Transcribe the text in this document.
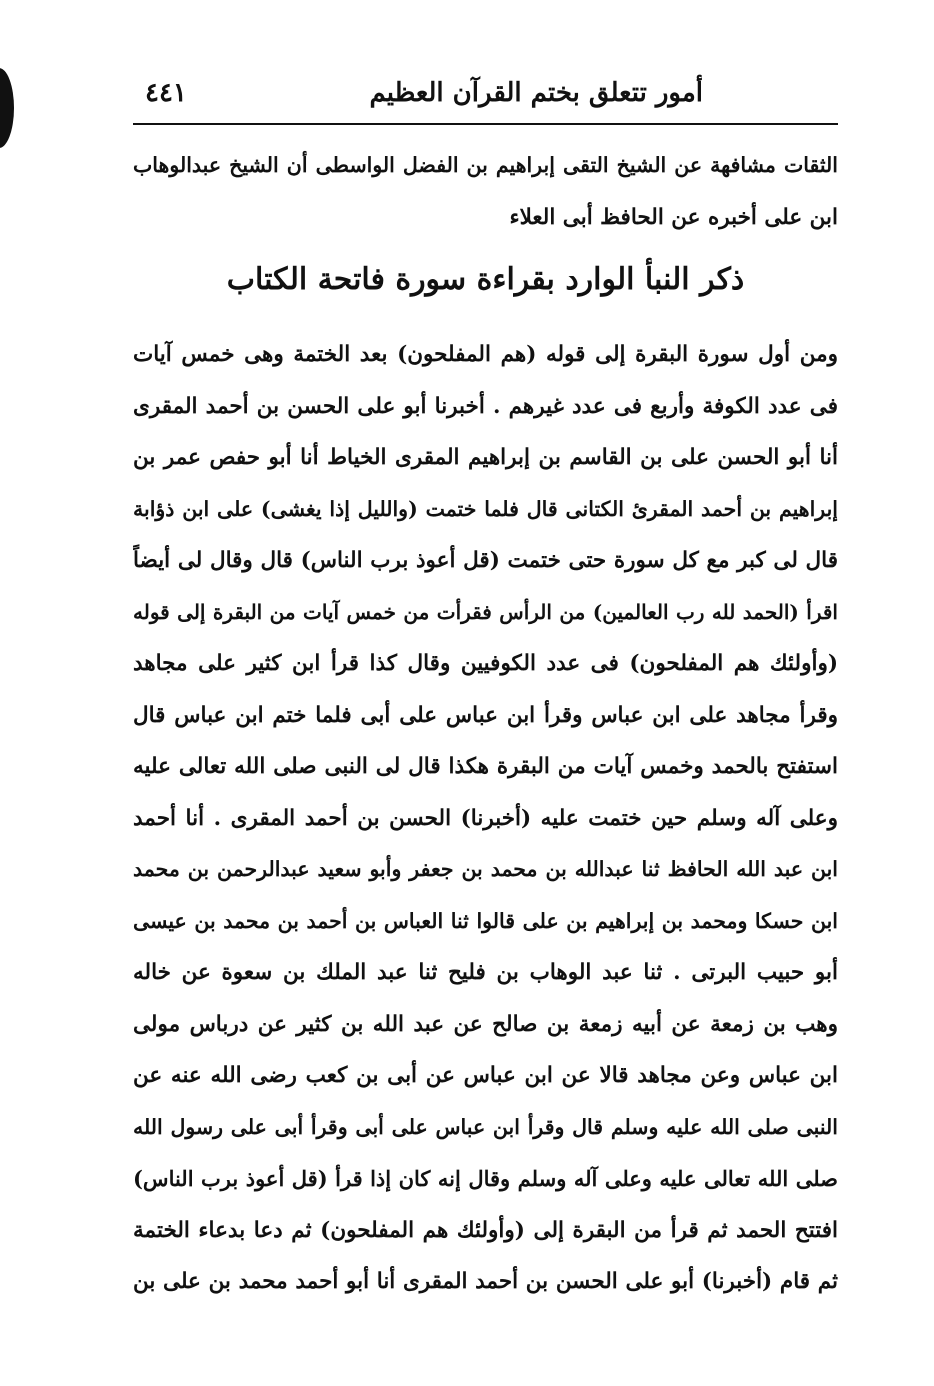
أمور تتعلق بختم القرآن العظيم
٤٤١
الثقات مشافهة عن الشيخ التقى إبراهيم بن الفضل الواسطى أن الشيخ عبدالوهاب
ابن على أخبره عن الحافظ أبى العلاء
ذكر النبأ الوارد بقراءة سورة فاتحة الكتاب
ومن أول سورة البقرة إلى قوله (هم المفلحون) بعد الختمة وهى خمس آيات
فى عدد الكوفة وأربع فى عدد غيرهم . أخبرنا أبو على الحسن بن أحمد المقرى
أنا أبو الحسن على بن القاسم بن إبراهيم المقرى الخياط أنا أبو حفص عمر بن
إبراهيم بن أحمد المقرئ الكتانى قال فلما ختمت (والليل إذا يغشى) على ابن ذؤابة
قال لى كبر مع كل سورة حتى ختمت (قل أعوذ برب الناس) قال وقال لى أيضاً
اقرأ (الحمد لله رب العالمين) من الرأس فقرأت من خمس آيات من البقرة إلى قوله
(وأولئك هم المفلحون) فى عدد الكوفيين وقال كذا قرأ ابن كثير على مجاهد
وقرأ مجاهد على ابن عباس وقرأ ابن عباس على أبى فلما ختم ابن عباس قال
استفتح بالحمد وخمس آيات من البقرة هكذا قال لى النبى صلى الله تعالى عليه
وعلى آله وسلم حين ختمت عليه (أخبرنا) الحسن بن أحمد المقرى . أنا أحمد
ابن عبد الله الحافظ ثنا عبدالله بن محمد بن جعفر وأبو سعيد عبدالرحمن بن محمد
ابن حسكا ومحمد بن إبراهيم بن على قالوا ثنا العباس بن أحمد بن محمد بن عيسى
أبو حبيب البرتى . ثنا عبد الوهاب بن فليح ثنا عبد الملك بن سعوة عن خاله
وهب بن زمعة عن أبيه زمعة بن صالح عن عبد الله بن كثير عن درباس مولى
ابن عباس وعن مجاهد قالا عن ابن عباس عن أبى بن كعب رضى الله عنه عن
النبى صلى الله عليه وسلم قال وقرأ ابن عباس على أبى وقرأ أبى على رسول الله
صلى الله تعالى عليه وعلى آله وسلم وقال إنه كان إذا قرأ (قل أعوذ برب الناس)
افتتح الحمد ثم قرأ من البقرة إلى (وأولئك هم المفلحون) ثم دعا بدعاء الختمة
ثم قام (أخبرنا) أبو على الحسن بن أحمد المقرى أنا أبو أحمد محمد بن على بن
